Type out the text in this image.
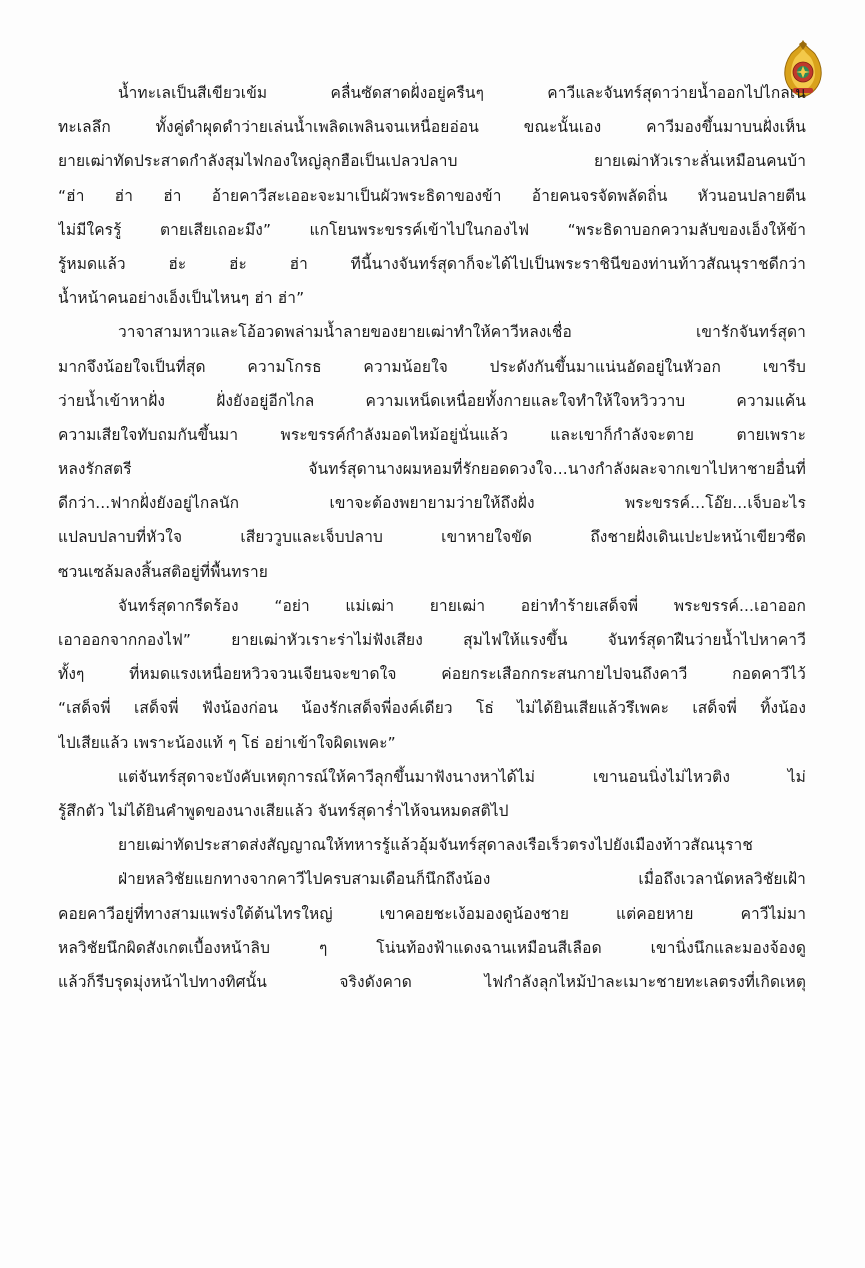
น้ำทะเลเป็นสีเขียวเข้ม คลื่นซัดสาดฝั่งอยู่ครืนๆ คาวีและจันทร์สุดาว่ายน้ำออกไปไกลเน
ทะเลลึก ทั้งคู่ดำผุดดำว่ายเล่นน้ำเพลิดเพลินจนเหนื่อยอ่อน ขณะนั้นเอง คาวีมองขึ้นมาบนฝั่งเห็น
ยายเฒ่าทัดประสาดกำลังสุมไฟกองใหญ่ลุกฮือเป็นเปลวปลาบ ยายเฒ่าหัวเราะลั่นเหมือนคนบ้า
“ฮ่า ฮ่า ฮ่า อ้ายคาวีสะเออะจะมาเป็นผัวพระธิดาของข้า อ้ายคนจรจัดพลัดถิ่น หัวนอนปลายตีน
ไม่มีใครรู้ ตายเสียเถอะมึง” แกโยนพระขรรค์เข้าไปในกองไฟ “พระธิดาบอกความลับของเอ็งให้ข้า
รู้หมดแล้ว ฮ่ะ ฮ่ะ ฮ่า ทีนี้นางจันทร์สุดาก็จะได้ไปเป็นพระราชินีของท่านท้าวสัณนุราชดีกว่า
น้ำหน้าคนอย่างเอ็งเป็นไหนๆ ฮ่า ฮ่า”
วาจาสามหาวและโอ้อวดพล่ามน้ำลายของยายเฒ่าทำให้คาวีหลงเชื่อ เขารักจันทร์สุดา
มากจึงน้อยใจเป็นที่สุด ความโกรธ ความน้อยใจ ประดังกันขึ้นมาแน่นอัดอยู่ในหัวอก เขารีบ
ว่ายน้ำเข้าหาฝั่ง ฝั่งยังอยู่อีกไกล ความเหน็ดเหนื่อยทั้งกายและใจทำให้ใจหวิววาบ ความแค้น
ความเสียใจทับถมกันขึ้นมา พระขรรค์กำลังมอดไหม้อยู่นั่นแล้ว และเขาก็กำลังจะตาย ตายเพราะ
หลงรักสตรี จันทร์สุดานางผมหอมที่รักยอดดวงใจ...นางกำลังผละจากเขาไปหาชายอื่นที่
ดีกว่า...ฟากฝั่งยังอยู่ไกลนัก เขาจะต้องพยายามว่ายให้ถึงฝั่ง พระขรรค์...โอ๊ย...เจ็บอะไร
แปลบปลาบที่หัวใจ เสียววูบและเจ็บปลาบ เขาหายใจขัด ถึงชายฝั่งเดินเปะปะหน้าเขียวซีด
ซวนเซล้มลงสิ้นสติอยู่ที่พื้นทราย
จันทร์สุดากรีดร้อง “อย่า แม่เฒ่า ยายเฒ่า อย่าทำร้ายเสด็จพี่ พระขรรค์...เอาออก
เอาออกจากกองไฟ” ยายเฒ่าหัวเราะร่าไม่ฟังเสียง สุมไฟให้แรงขึ้น จันทร์สุดาฝืนว่ายน้ำไปหาคาวี
ทั้งๆ ที่หมดแรงเหนื่อยหวิวจวนเจียนจะขาดใจ ค่อยกระเสือกกระสนกายไปจนถึงคาวี กอดคาวีไว้
“เสด็จพี่ เสด็จพี่ ฟังน้องก่อน น้องรักเสด็จพี่องค์เดียว โธ่ ไม่ได้ยินเสียแล้วรึเพคะ เสด็จพี่ ทิ้งน้อง
ไปเสียแล้ว เพราะน้องแท้ ๆ โธ่ อย่าเข้าใจผิดเพคะ”
แต่จันทร์สุดาจะบังคับเหตุการณ์ให้คาวีลุกขึ้นมาฟังนางหาได้ไม่ เขานอนนิ่งไม่ไหวติง ไม่
รู้สึกตัว ไม่ได้ยินคำพูดของนางเสียแล้ว จันทร์สุดาร่ำไห้จนหมดสติไป
ยายเฒ่าทัดประสาดส่งสัญญาณให้ทหารรู้แล้วอุ้มจันทร์สุดาลงเรือเร็วตรงไปยังเมืองท้าวสัณนุราช
ฝ่ายหลวิชัยแยกทางจากคาวีไปครบสามเดือนก็นึกถึงน้อง เมื่อถึงเวลานัดหลวิชัยเฝ้า
คอยคาวีอยู่ที่ทางสามแพร่งใต้ต้นไทรใหญ่ เขาคอยชะเง้อมองดูน้องชาย แต่คอยหาย คาวีไม่มา
หลวิชัยนึกผิดสังเกตเบื้องหน้าลิบ ๆ โน่นท้องฟ้าแดงฉานเหมือนสีเลือด เขานิ่งนึกและมองจ้องดู
แล้วก็รีบรุดมุ่งหน้าไปทางทิศนั้น จริงดังคาด ไฟกำลังลุกไหม้ป่าละเมาะชายทะเลตรงที่เกิดเหตุ
